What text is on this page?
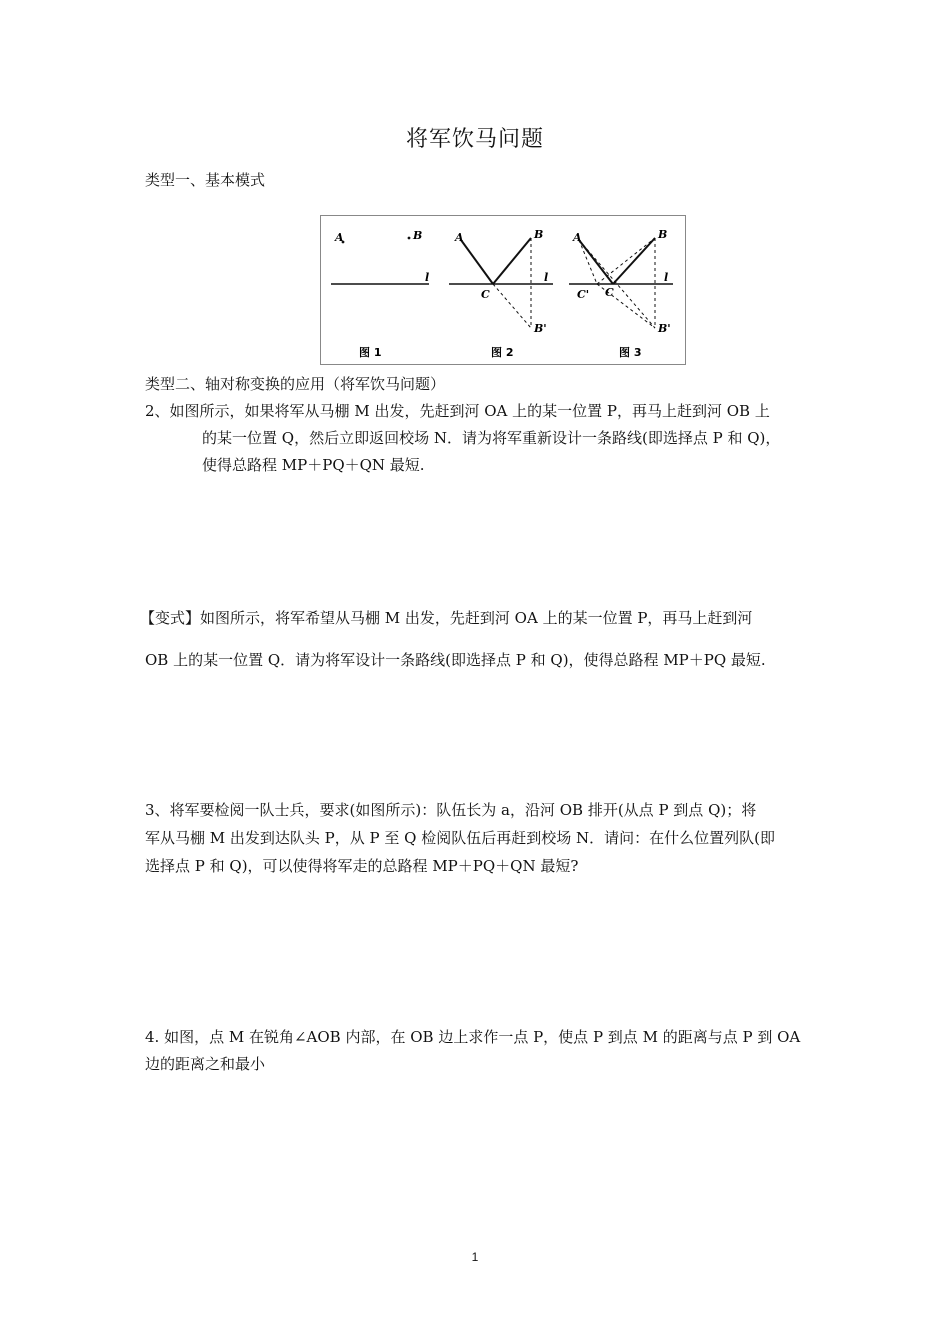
将军饮马问题
类型一、基本模式
A	B
l
图 1
A	B
C
B'
l
图 2
A	B
C
C'
B'
l
图 3
类型二、轴对称变换的应用（将军饮马问题）
2、如图所示，如果将军从马棚 M 出发，先赶到河 OA 上的某一位置 P，再马上赶到河 OB 上
的某一位置 Q，然后立即返回校场 N．请为将军重新设计一条路线(即选择点 P 和 Q)，
使得总路程 MP＋PQ＋QN 最短.
【变式】如图所示，将军希望从马棚 M 出发，先赶到河 OA 上的某一位置 P，再马上赶到河
OB 上的某一位置 Q．请为将军设计一条路线(即选择点 P 和 Q)，使得总路程 MP＋PQ 最短.
3、将军要检阅一队士兵，要求(如图所示)：队伍长为 a，沿河 OB 排开(从点 P 到点 Q)；将
军从马棚 M 出发到达队头 P，从 P 至 Q 检阅队伍后再赶到校场 N．请问：在什么位置列队(即
选择点 P 和 Q)，可以使得将军走的总路程 MP＋PQ＋QN 最短?
4. 如图，点 M 在锐角∠AOB 内部，在 OB 边上求作一点 P，使点 P 到点 M 的距离与点 P 到 OA
边的距离之和最小
1
